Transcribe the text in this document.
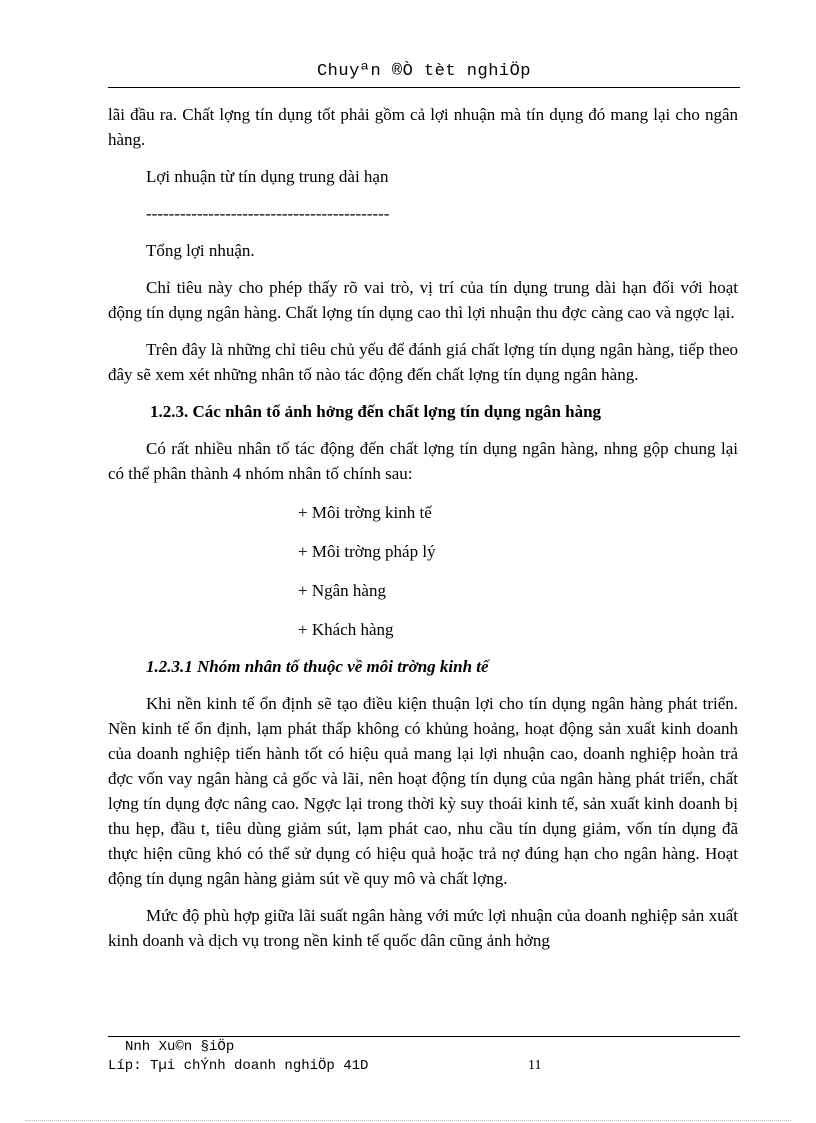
Chuyªn ®Ò tèt nghiÖp

lãi đầu ra. Chất lợng tín dụng tốt phải gồm cả lợi nhuận mà tín dụng đó mang lại cho ngân hàng.

Lợi nhuận từ tín dụng trung dài hạn

-------------------------------------------

Tổng lợi nhuận.

Chỉ tiêu này cho phép thấy rõ vai trò, vị trí của tín dụng trung dài hạn đối với hoạt động tín dụng ngân hàng. Chất lợng tín dụng cao thì lợi nhuận thu đợc càng cao và ngợc lại.

Trên đây là những chỉ tiêu chủ yếu để đánh giá chất lợng tín dụng ngân hàng, tiếp theo đây sẽ xem xét những nhân tố nào tác động đến chất lợng tín dụng ngân hàng.

1.2.3. Các nhân tố ảnh hởng đến chất lợng tín dụng ngân hàng

Có rất nhiều nhân tố tác động đến chất lợng tín dụng ngân hàng, nhng gộp chung lại có thể phân thành 4 nhóm nhân tố chính sau:

+ Môi trờng kinh tế
+ Môi trờng pháp lý
+ Ngân hàng
+ Khách hàng
1.2.3.1 Nhóm nhân tố thuộc về môi trờng kinh tế

Khi nền kinh tế ổn định sẽ tạo điều kiện thuận lợi cho tín dụng ngân hàng phát triển. Nền kinh tế ổn định, lạm phát thấp không có khủng hoảng, hoạt động sản xuất kinh doanh của doanh nghiệp tiến hành tốt có hiệu quả mang lại lợi nhuận cao, doanh nghiệp hoàn trả đợc vốn vay ngân hàng cả gốc và lãi, nên hoạt động tín dụng của ngân hàng phát triển, chất lợng tín dụng đợc nâng cao. Ngợc lại trong thời kỳ suy thoái kinh tế, sản xuất kinh doanh bị thu hẹp, đầu t, tiêu dùng giảm sút, lạm phát cao, nhu cầu tín dụng giảm, vốn tín dụng đã thực hiện cũng khó có thể sử dụng có hiệu quả hoặc trả nợ đúng hạn cho ngân hàng. Hoạt động tín dụng ngân hàng giảm sút về quy mô và chất lợng.

Mức độ phù hợp giữa lãi suất ngân hàng với mức lợi nhuận của doanh nghiệp sản xuất kinh doanh và dịch vụ trong nền kinh tế quốc dân cũng ảnh hởng

Nnh Xu©n §iÖp
Líp: Tµi chÝnh doanh nghiÖp 41D	11
